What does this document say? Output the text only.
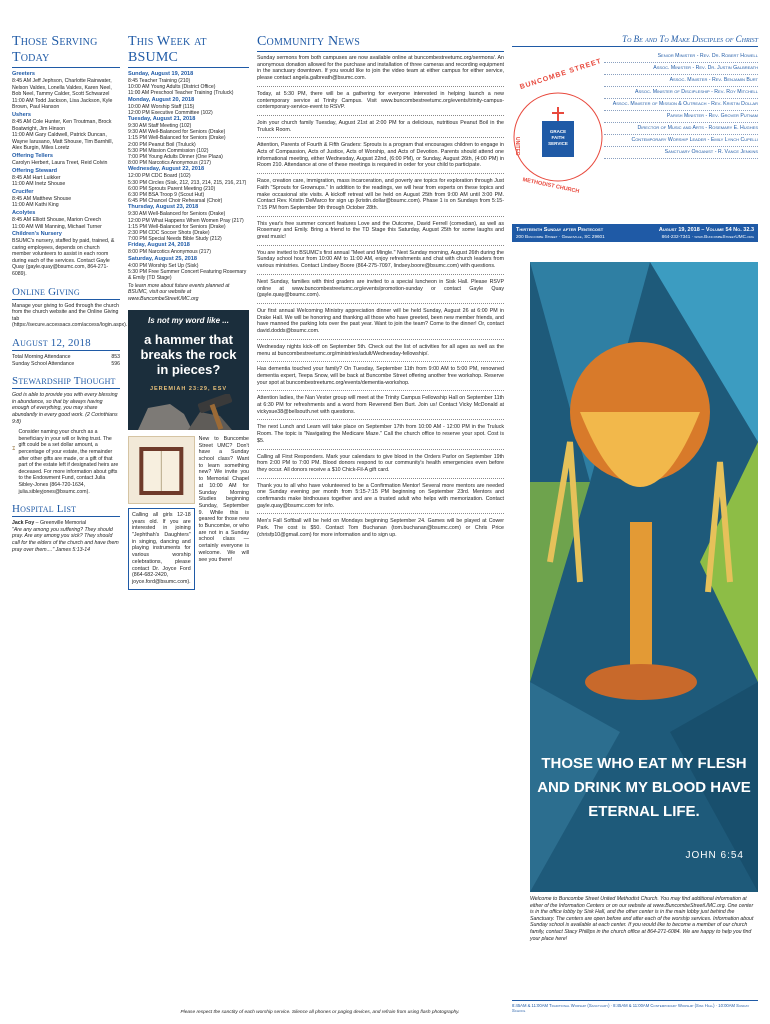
Those Serving Today
Greeters
8:45 AM Jeff Jephson, Charlotte Rainwater, Nelson Valdes, Lonella Valdes, Karen Neel, Bob Neel, Tammy Calder, Scott Schwarzel
11:00 AM Todd Jackson, Lisa Jackson, Kyle Brown, Paul Hanson
Ushers
8:45 AM Cole Hunter, Ken Troutman, Brock Boatwright, Jim Hinson
11:00 AM Gary Caldwell, Patrick Duncan, Wayne Iarusano, Matt Shouse, Tim Barnhill, Alex Burgin, Miles Loretz
Offering Tellers
Carolyn Herbert, Laura Treet, Reid Colvin
Offering Steward
8:45 AM Hart Luikker
11:00 AM Inetz Shouse
Crucifer
8:45 AM Matthew Shouse
11:00 AM Kathi King
Acolytes
8:45 AM Elliott Shouse, Marion Creech
11:00 AM Will Manning, Michael Turner
Children's Nursery
BSUMC's nursery, staffed by paid, trained, & caring employees, depends on church member volunteers to assist in each room during each of the services. Contact Gayle Quay (gayle.quay@bsumc.com, 864-271-6089).
Online Giving
Manage your giving to God through the church from the church website and the Online Giving tab (https://secure.accessacs.com/access/login.aspx).
August 12, 2018
Total Morning Attendance	853
Sunday School Attendance	596
Stewardship Thought
God is able to provide you with every blessing in abundance, so that by always having enough of everything, you may share abundantly in every good work. (2 Corinthians 9:8)
Consider naming your church as a beneficiary in your will or living trust. The gift could be a set dollar amount, a percentage of your estate, the remainder after other gifts are made, or a gift of that part of the estate left if designated heirs are deceased. For more information about gifts to the Endowment Fund, contact Julia Sibley-Jones (864-720-1634, julia.sibleyjones@bsumc.com).
Hospital List
Jack Foy – Greenville Memorial
"Are any among you suffering? They should pray. Are any among you sick? They should call for the elders of the church and have them pray over them...." James 5:13-14
This Week at BSUMC
Sunday, August 19, 2018
8:45 Teacher Training (210)
10:00 AM Young Adults (District Office)
11:00 AM Preschool Teacher Training (Truluck)
Monday, August 20, 2018
10:00 AM Worship Staff (115)
12:00 PM Executive Committee (102)
Tuesday, August 21, 2018
9:30 AM Staff Meeting (102)
9:30 AM Well-Balanced for Seniors (Drake)
1:15 PM Well-Balanced for Seniors (Drake)
2:00 PM Peanut Boil (Truluck)
5:30 PM Mission Commission (102)
7:00 PM Young Adults Dinner (One Plaza)
8:00 PM Narcotics Anonymous (217)
Wednesday, August 22, 2018
12:00 PM CDC Board (102)
5:30 PM Circles (Sisk, 212, 213, 214, 215, 216, 217)
6:00 PM Sprouts Parent Meeting (210)
6:30 PM BSA Troop 9 (Scout Hut)
6:45 PM Chancel Choir Rehearsal (Choir)
Thursday, August 23, 2018
9:30 AM Well-Balanced for Seniors (Drake)
12:00 PM What Happens When Women Pray (217)
1:15 PM Well-Balanced for Seniors (Drake)
2:30 PM CDC Soccer Shots (Drake)
7:00 PM Special Needs Bible Study (212)
Friday, August 24, 2018
8:00 PM Narcotics Anonymous (217)
Saturday, August 25, 2018
4:00 PM Worship Set Up (Sisk)
5:30 PM Free Summer Concert Featuring Rosemary & Emily (TD Stage)
To learn more about future events planned at BSUMC, visit our website at www.BuncombeStreetUMC.org
Is not my word like ...
a hammer that breaks the rock in pieces?
JEREMIAH 23:29, ESV
Calling all girls 12-18 years old. If you are interested in joining "Jephthah's Daughters" in singing, dancing and playing instruments for various worship celebrations, please contact Dr. Joyce Ford (864-682-2420, joyce.ford@bsumc.com).
New to Buncombe Street UMC? Don't have a Sunday school class? Want to learn something new? We invite you to Memorial Chapel at 10:00 AM for Sunday Morning Studies beginning Sunday, September 9. While this is geared for those new to Buncombe, or who are not in a Sunday school class — certainly everyone is welcome. We will see you there!
Community News
Sunday sermons from both campuses are now available online at buncombestreetumc.org/sermons/. An anonymous donation allowed for the purchase and installation of three cameras and recording equipment in the sanctuary downtown. If you would like to join the video team at either campus for either service, please contact angela.galbreath@bsumc.com.
Today, at 5:30 PM, there will be a gathering for everyone interested in helping launch a new contemporary service at Trinity Campus. Visit www.buncombestreetumc.org/events/trinity-campus-contemporary-service-event to RSVP.
Join your church family Tuesday, August 21st at 2:00 PM for a delicious, nutritious Peanut Boil in the Truluck Room.
Attention, Parents of Fourth & Fifth Graders: Sprouts is a program that encourages children to engage in Acts of Compassion, Acts of Justice, Acts of Worship, and Acts of Devotion. Parents should attend one informational meeting, either Wednesday, August 22nd, (6:00 PM), or Sunday, August 26th, (4:00 PM) in Room 210. Attendance at one of these meetings is required in order for your child to participate.
Race, creation care, immigration, mass incarceration, and poverty are topics for exploration through Just Faith "Sprouts for Grownups." In addition to the readings, we will hear from experts on these topics and make occasional site visits. A kickoff retreat will be held on August 25th from 9:00 AM until 3:00 PM. Contact Rev. Kristin DeMarco for sign up (kristin.dollar@bsumc.com). Phase 1 is on Sundays from 5:15-7:15 PM from September 9th through October 28th.
This year's free summer concert features Love and the Outcome, David Ferrell (comedian), as well as Rosemary and Emily. Bring a friend to the TD Stage this Saturday, August 25th for some laughs and great music!
You are invited to BSUMC's first annual "Meet and Mingle." Next Sunday morning, August 26th during the Sunday school hour from 10:00 AM to 11:00 AM, enjoy refreshments and chat with church leaders from various ministries. Contact Lindsey Boore (864-275-7097, lindsey.boore@bsumc.com) with questions.
Next Sunday, families with third graders are invited to a special luncheon in Sisk Hall. Please RSVP online at www.buncombestreetumc.org/events/promotion-sunday or contact Gayle Quay (gayle.quay@bsumc.com).
Our first annual Welcoming Ministry appreciation dinner will be held Sunday, August 26 at 6:00 PM in Drake Hall. We will be honoring and thanking all those who have greeted, been new member friends, and have manned the parking lots over the past year. Want to join the team? Come to the dinner! Or, contact david.dodds@bsumc.com.
Wednesday nights kick-off on September 5th. Check out the list of activities for all ages as well as the menu at buncombestreetumc.org/ministries/adult/Wednesday-fellowship/.
Has dementia touched your family? On Tuesday, September 11th from 9:00 AM to 5:00 PM, renowned dementia expert, Teepa Snow, will be back at Buncombe Street offering another free workshop. Reserve your spot at buncombestreetumc.org/events/dementia-workshop.
Attention ladies, the Nan Vester group will meet at the Trinity Campus Fellowship Hall on September 11th at 6:30 PM for refreshments and a word from Reverend Ben Burt. Join us! Contact Vicky McDonald at vickysue38@bellsouth.net with questions.
The next Lunch and Learn will take place on September 17th from 10:00 AM - 12:00 PM in the Truluck Room. The topic is "Navigating the Medicare Maze." Call the church office to reserve your spot. Cost is $5.
Calling all First Responders. Mark your calendars to give blood in the Orders Parlor on September 19th from 2:00 PM to 7:00 PM. Blood donors respond to our community's health emergencies even before they occur. All donors receive a $10 Chick-Fil-A gift card.
Thank you to all who have volunteered to be a Confirmation Mentor! Several more mentors are needed one Sunday evening per month from 5:15-7:15 PM beginning on September 23rd. Mentors and confirmands make birdhouses together and are a trusted adult who helps with memorization. Contact gayle.quay@bsumc.com for info.
Men's Fall Softball will be held on Mondays beginning September 24. Games will be played at Cower Park. The cost is $50. Contact Tom Buchanan (tom.buchanan@bsumc.com) or Chris Price (chrisfp10@gmail.com) for more information and to sign up.
To Be and To Make Disciples of Christ
BUNCOMBE STREET
UNITED
METHODIST CHURCH
GRACE
FAITH
SERVICE
Senior Minister - Rev. Dr. Robert Howell
Assoc. Minister - Rev. Dr. Justin Galbreath
Assoc. Minister - Rev. Benjamin Burt
Assoc. Minister of Discipleship - Rev. Roy Mitchell
Assoc. Minister of Mission & Outreach - Rev. Kristin Dollar
Parish Minister - Rev. Grover Putnam
Director of Music and Arts - Rosemary E. Hughes
Contemporary Worship Leader - Emily Lynch Cupelli
Sanctuary Organist - R. Vance Jenkins
Thirteenth Sunday after Pentecost	August 19, 2018 – Volume 54 No. 32.3
200 Buncombe Street · Greenville, SC 29601	864-232-7341 · www.BuncombeStreetUMC.org
THOSE WHO EAT MY FLESH
AND DRINK MY BLOOD HAVE
ETERNAL LIFE.
JOHN 6:54
Welcome to Buncombe Street United Methodist Church. You may find additional information at either of the Information Centers or on our website at www.BuncombeStreetUMC.org. One center is in the office lobby by Sisk Hall, and the other center is in the main lobby just behind the Sanctuary. The centers are open before and after each of the worship services. Information about Sunday school is available at each center. If you would like to become a member of our church family, contact Stacy Phillips in the church office at 864-271-6084. We are happy to help you find your place here!
8:45AM & 11:00AM Traditional Worship (Sanctuary) · 8:45AM & 11:00AM Contemporary Worship (Sisk Hall) · 10:00AM Sunday School
Please respect the sanctity of each worship service. Silence all phones or paging devices, and refrain from using flash photography.
